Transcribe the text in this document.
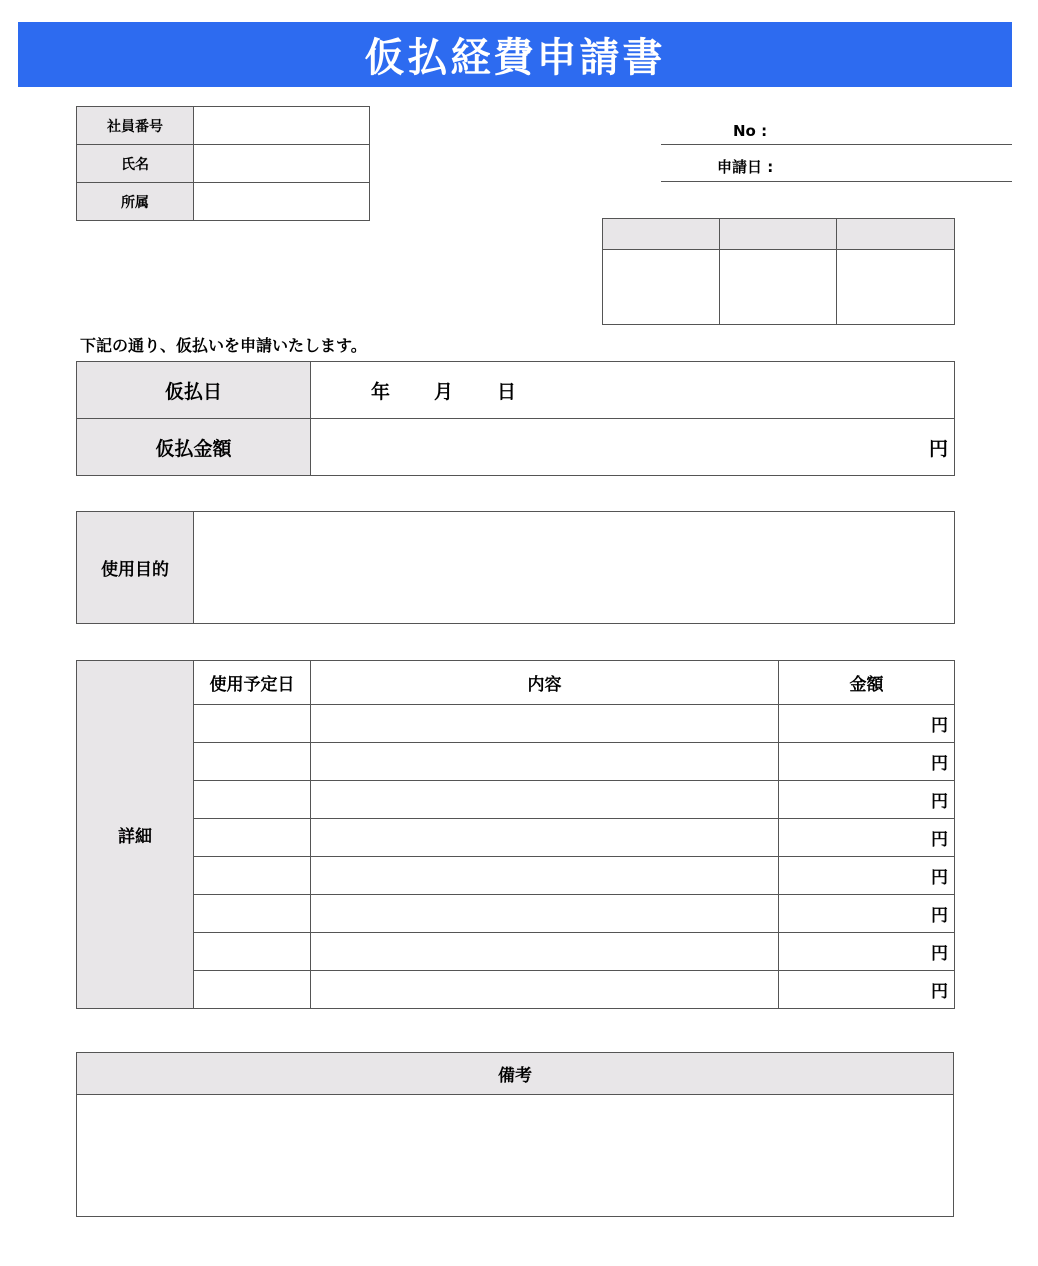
仮払経費申請書
社員番号	
氏名	
所属	
No :
申請日 :

下記の通り、仮払いを申請いたします。
仮払日	年 月 日
仮払金額	円
使用目的	
詳細	使用予定日	内容	金額
			円
			円
			円
			円
			円
			円
			円
			円
備考
